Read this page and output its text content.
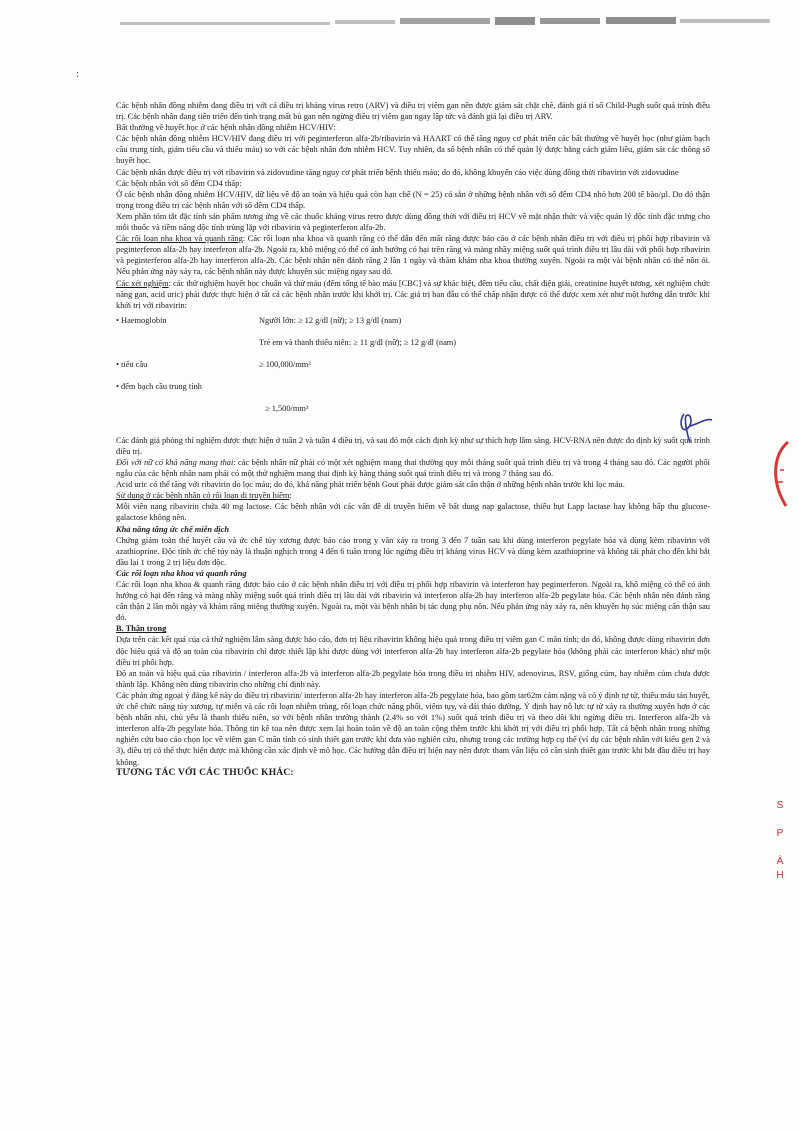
:

Các bệnh nhân đồng nhiễm đang điều trị với cả điều trị kháng virus retro (ARV) và điều trị viêm gan nên được giám sát chặt chẽ, đánh giá tỉ số Child-Pugh suốt quá trình điều trị. Các bệnh nhân đang tiến triển đến tình trạng mất bù gan nên ngừng điều trị viêm gan ngay lập tức và đánh giá lại điều trị ARV.

Bất thường về huyết học ở các bệnh nhân đồng nhiễm HCV/HIV:

Các bệnh nhân đồng nhiễm HCV/HIV đang điều trị với peginterferon alfa-2b/ribavirin và HAART có thể tăng nguy cơ phát triển các bất thường về huyết học (như giảm bạch cầu trung tính, giảm tiểu cầu và thiếu máu) so với các bệnh nhân đơn nhiễm HCV. Tuy nhiên, đa số bệnh nhân có thể quản lý được bằng cách giảm liều, giám sát các thông số huyết học.

Các bệnh nhân được điều trị với ribavirin và zidovudine tăng nguy cơ phát triển bệnh thiếu máu; do đó, không khuyến cáo việc dùng đồng thời ribavirin với zidovudine

Các bệnh nhân với số đếm CD4 thấp:

Ở các bệnh nhân đồng nhiễm HCV/HIV, dữ liệu về độ an toàn và hiệu quả còn hạn chế (N = 25) có sẵn ở những bệnh nhân với số đếm CD4 nhỏ hơn 200 tế bào/µl. Do đó thận trọng trong điều trị các bệnh nhân với số đếm CD4 thấp.

Xem phần tóm tắt đặc tính sản phẩm tương ứng về các thuốc kháng virus retro được dùng đồng thời với điều trị HCV về mặt nhận thức và việc quản lý độc tính đặc trưng cho mỗi thuốc và tiềm năng độc tính trùng lặp với ribavirin và peginterferon alfa-2b.

Các rối loạn nha khoa và quanh răng: Các rối loạn nha khoa và quanh răng có thể dẫn đến mất răng được báo cáo ở các bệnh nhân điều trị với điều trị phối hợp ribavirin và peginterferon alfa-2b hay interferon alfa-2b. Ngoài ra, khô miệng có thể có ảnh hưởng có hại trên răng và màng nhầy miệng suốt quá trình điều trị lâu dài với phối hợp ribavirin và peginterferon alfa-2b hay interferon alfa-2b. Các bệnh nhân nên đánh răng 2 lần 1 ngày và thăm khám nha khoa thường xuyên. Ngoài ra một vài bệnh nhân có thể nôn ói. Nếu phản ứng này xảy ra, các bệnh nhân này được khuyên súc miệng ngay sau đó.

Các xét nghiệm: các thử nghiệm huyết học chuẩn và thử máu (đếm tổng tế bào máu [CBC] và sự khác biệt, đếm tiểu cầu, chất điện giải, creatinine huyết tương, xét nghiệm chức năng gan, acid uric) phải được thực hiện ở tất cả các bệnh nhân trước khi khởi trị. Các giá trị ban đầu có thể chấp nhận được có thể được xem xét như một hướng dẫn trước khi khởi trị với ribavirin:

• Haemoglobin	Người lớn: ≥ 12 g/dl (nữ); ≥ 13 g/dl (nam)
	Trẻ em và thanh thiếu niên: ≥ 11 g/dl (nữ); ≥ 12 g/dl (nam)
• tiểu cầu	≥ 100,000/mm³
• đếm bạch cầu trung tính	
	≥ 1,500/mm³

Các đánh giá phòng thí nghiệm được thực hiện ở tuần 2 và tuần 4 điều trị, và sau đó một cách định kỳ như sự thích hợp lâm sàng. HCV-RNA nên được đo định kỳ suốt quá trình điều trị.

Đối với nữ có khả năng mang thai: các bệnh nhân nữ phải có một xét nghiệm mang thai thường quy mỗi tháng suốt quá trình điều trị và trong 4 tháng sau đó. Các người phối ngẫu của các bệnh nhân nam phải có một thử nghiệm mang thai định kỳ hàng tháng suốt quá trình điều trị và trong 7 tháng sau đó.

Acid uric có thể tăng với ribavirin do lọc máu; do đó, khả năng phát triển bệnh Gout phải được giám sát cẩn thận ở những bệnh nhân trước khi lọc máu.

Sử dụng ở các bệnh nhân có rối loạn di truyền hiếm:

Mỗi viên nang ribavirin chứa 40 mg lactose. Các bệnh nhân với các vấn đề di truyền hiếm về bất dung nạp galactose, thiếu hụt Lapp lactase hay không hấp thu glucose-galactose không nên.

Khả năng tăng ức chế miễn dịch

Chứng giảm toàn thể huyết cầu và ức chế tủy xương được báo cáo trong y văn xảy ra trong 3 đến 7 tuần sau khi dùng interferon pegylate hóa và dùng kèm ribavirin với azathioprine. Độc tính ức chế tủy này là thuận nghịch trong 4 đến 6 tuần trong lúc ngừng điều trị kháng virus HCV và dùng kèm azathioprine và không tái phát cho đến khi bắt đầu lại 1 trong 2 trị liệu đơn độc.

Các rối loạn nha khoa và quanh răng

Các rối loạn nha khoa & quanh răng được báo cáo ở các bệnh nhân điều trị với điều trị phối hợp ribavirin và interferon hay peginterferon. Ngoài ra, khô miệng có thể có ảnh hưởng có hại đến răng và màng nhầy miệng suốt quá trình điều trị lâu dài với ribavirin và interferon alfa-2b hay interferon alfa-2b pegylate hóa. Các bệnh nhân nên đánh răng cẩn thận 2 lần mỗi ngày và khám răng miệng thường xuyên. Ngoài ra, một vài bệnh nhân bị tác dụng phụ nôn. Nếu phản ứng này xảy ra, nên khuyên họ súc miệng cẩn thận sau đó.

B. Thận trọng

Dựa trên các kết quả của cả thử nghiệm lâm sàng được báo cáo, đơn trị liệu ribavirin không hiệu quả trong điều trị viêm gan C mãn tính; do đó, không được dùng ribavirin đơn độc hiệu quả và độ an toàn của ribavirin chỉ được thiết lập khi được dùng với interferon alfa-2b hay interferon alfa-2b pegylate hóa (không phải các interferon khác) như một điều trị phối hợp.

Độ an toàn và hiệu quả của ribavirin / interferon alfa-2b và interferon alfa-2b pegylate hóa trong điều trị nhiễm HIV, adenovirus, RSV, giống cúm, hay nhiễm cúm chưa được thành lập. Không nên dùng ribavirin cho những chỉ định này.

Các phản ứng ngoại ý đáng kể này do điều trị ribavirin/ interferon alfa-2b hay interferon alfa-2b pegylate hóa, bao gồm tar62m cảm nặng và có ý định tự tử, thiếu máu tán huyết, ức chế chức năng tủy xương, tự miễn và các rối loạn nhiễm trùng, rối loạn chức năng phổi, viêm tụy, và đái tháo đường. Ý định hay nỗ lực tự tử xảy ra thường xuyên hơn ở các bệnh nhân nhi, chủ yếu là thanh thiếu niên, so với bệnh nhân trưởng thành (2.4% so với 1%) suốt quá trình điều trị và theo dõi khi ngừng điều trị. Interferon alfa-2b và interferon alfa-2b pegylate hóa. Thông tin kê toa nên được xem lại hoàn toàn về độ an toàn cộng thêm trước khi khởi trị với điều trị phối hợp. Tất cả bệnh nhân trong những nghiên cứu bao cáo chọn lọc về viêm gan C mãn tính có sinh thiết gan trước khi đưa vào nghiên cứu, nhưng trong các trường hợp cụ thể (ví dụ các bệnh nhân với kiểu gen 2 và 3), điều trị có thể thực hiện được mà không cần xác định về mô học. Các hướng dẫn điều trị hiện nay nên được tham vấn liệu có cần sinh thiết gan trước khi bắt đầu điều trị hay không.

TƯƠNG TÁC VỚI CÁC THUỐC KHÁC:

S
P
À
H
